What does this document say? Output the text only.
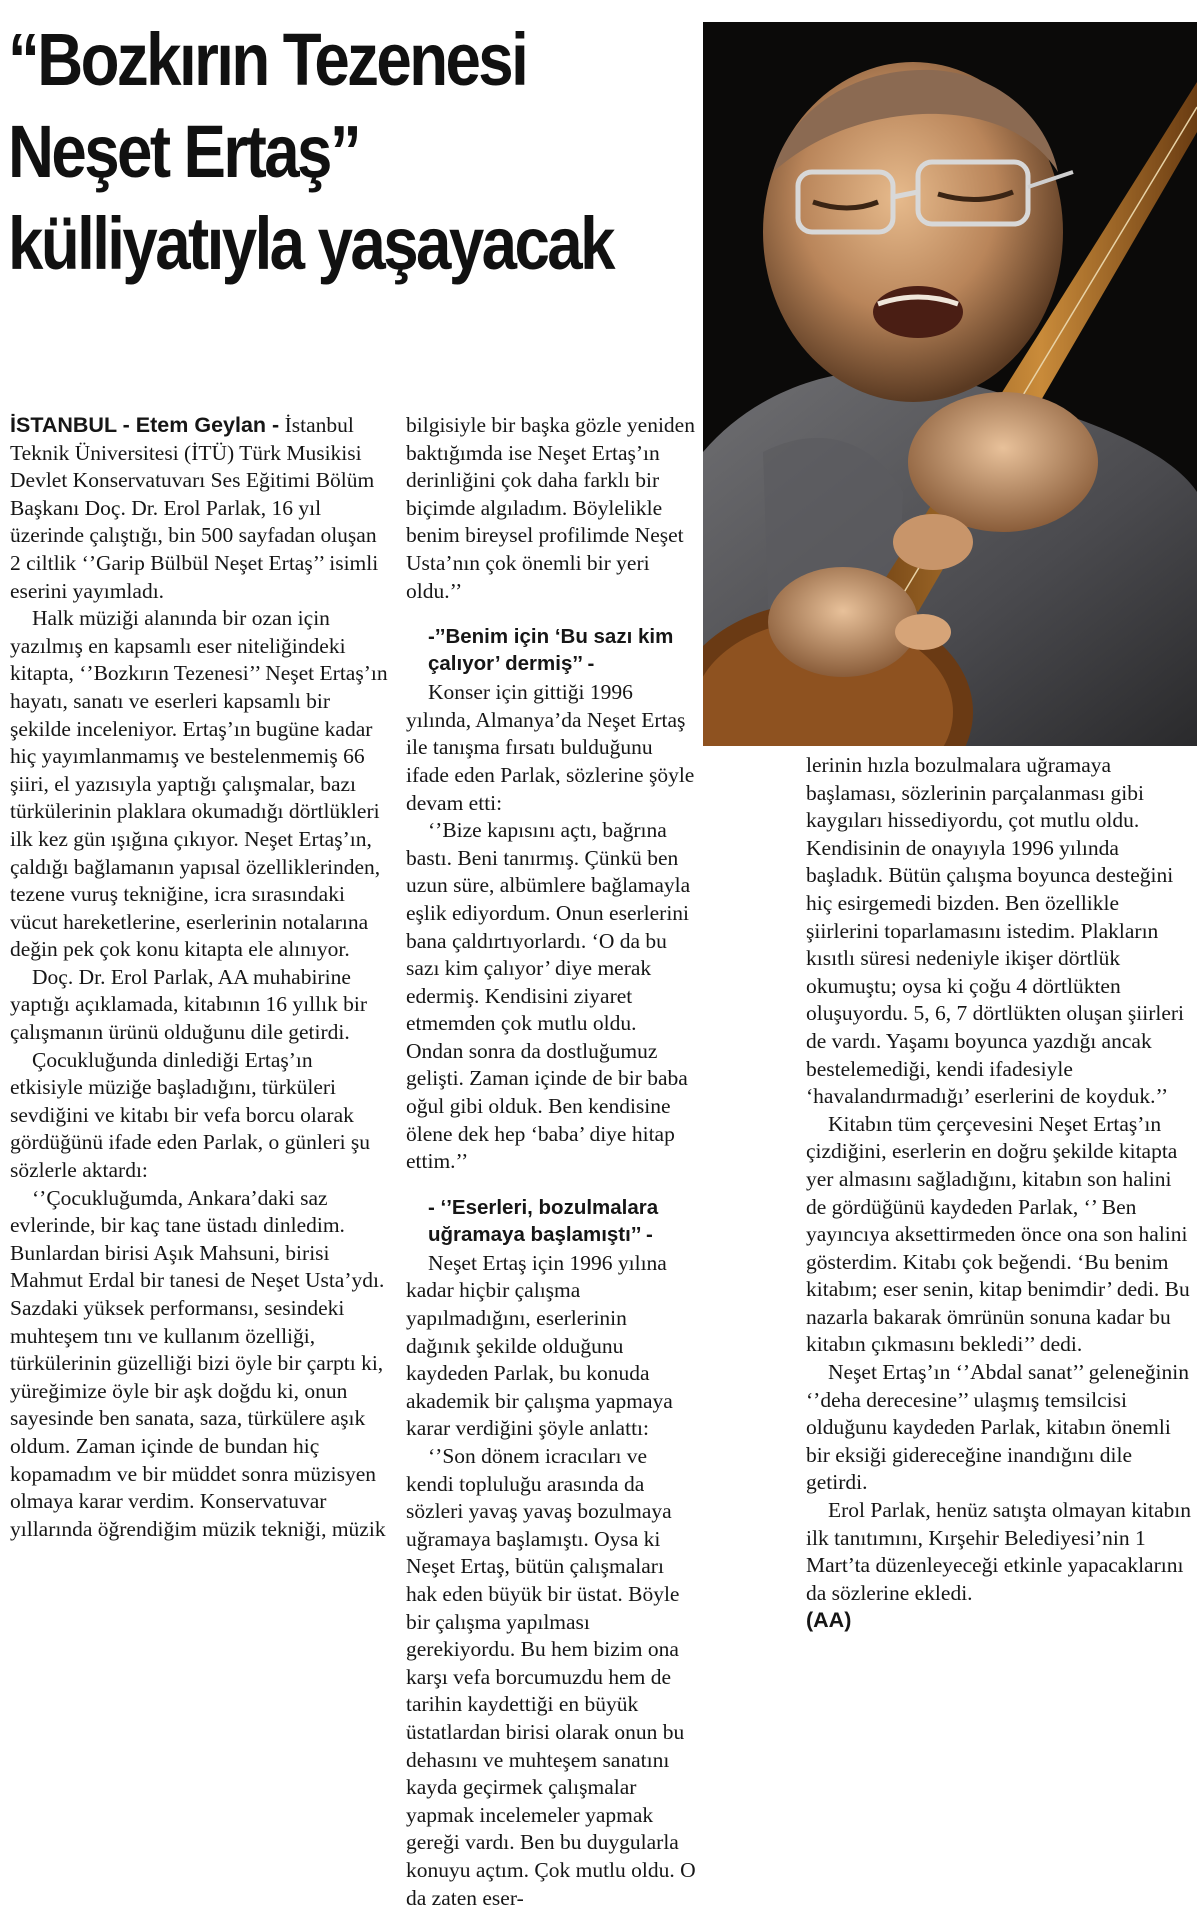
“Bozkırın Tezenesi
Neşet Ertaş”
külliyatıyla yaşayacak

İSTANBUL - Etem Geylan - İstanbul Teknik Üniversitesi (İTÜ) Türk Musikisi Devlet Konservatuvarı Ses Eğitimi Bölüm Başkanı Doç. Dr. Erol Parlak, 16 yıl üzerinde çalıştığı, bin 500 sayfadan oluşan 2 ciltlik ‘’Garip Bülbül Neşet Ertaş’’ isimli eserini yayımladı.

Halk müziği alanında bir ozan için yazılmış en kapsamlı eser niteliğindeki kitapta, ‘’Bozkırın Tezenesi’’ Neşet Ertaş’ın hayatı, sanatı ve eserleri kapsamlı bir şekilde inceleniyor. Ertaş’ın bugüne kadar hiç yayımlanmamış ve bestelenmemiş 66 şiiri, el yazısıyla yaptığı çalışmalar, bazı türkülerinin plaklara okumadığı dörtlükleri ilk kez gün ışığına çıkıyor. Neşet Ertaş’ın, çaldığı bağlamanın yapısal özelliklerinden, tezene vuruş tekniğine, icra sırasındaki vücut hareketlerine, eserlerinin notalarına değin pek çok konu kitapta ele alınıyor.

Doç. Dr. Erol Parlak, AA muhabirine yaptığı açıklamada, kitabının 16 yıllık bir çalışmanın ürünü olduğunu dile getirdi.

Çocukluğunda dinlediği Ertaş’ın etkisiyle müziğe başladığını, türküleri sevdiğini ve kitabı bir vefa borcu olarak gördüğünü ifade eden Parlak, o günleri şu sözlerle aktardı:

‘’Çocukluğumda, Ankara’daki saz evlerinde, bir kaç tane üstadı dinledim. Bunlardan birisi Aşık Mahsuni, birisi Mahmut Erdal bir tanesi de Neşet Usta’ydı. Sazdaki yüksek performansı, sesindeki muhteşem tını ve kullanım özelliği, türkülerinin güzelliği bizi öyle bir çarptı ki, yüreğimize öyle bir aşk doğdu ki, onun sayesinde ben sanata, saza, türkülere aşık oldum. Zaman içinde de bundan hiç kopamadım ve bir müddet sonra müzisyen olmaya karar verdim. Konservatuvar yıllarında öğrendiğim müzik tekniği, müzik

bilgisiyle bir başka gözle yeniden baktığımda ise Neşet Ertaş’ın derinliğini çok daha farklı bir biçimde algıladım. Böylelikle benim bireysel profilimde Neşet Usta’nın çok önemli bir yeri oldu.’’

-’’Benim için ‘Bu sazı kim çalıyor’ dermiş’’ -

Konser için gittiği 1996 yılında, Almanya’da Neşet Ertaş ile tanışma fırsatı bulduğunu ifade eden Parlak, sözlerine şöyle devam etti:

‘’Bize kapısını açtı, bağrına bastı. Beni tanırmış. Çünkü ben uzun süre, albümlere bağlamayla eşlik ediyordum. Onun eserlerini bana çaldırtıyorlardı. ‘O da bu sazı kim çalıyor’ diye merak edermiş. Kendisini ziyaret etmemden çok mutlu oldu. Ondan sonra da dostluğumuz gelişti. Zaman içinde de bir baba oğul gibi olduk. Ben kendisine ölene dek hep ‘baba’ diye hitap ettim.’’

- ‘’Eserleri, bozulmalara uğramaya başlamıştı’’ -

Neşet Ertaş için 1996 yılına kadar hiçbir çalışma yapılmadığını, eserlerinin dağınık şekilde olduğunu kaydeden Parlak, bu konuda akademik bir çalışma yapmaya karar verdiğini şöyle anlattı:

‘’Son dönem icracıları ve kendi topluluğu arasında da sözleri yavaş yavaş bozulmaya uğramaya başlamıştı. Oysa ki Neşet Ertaş, bütün çalışmaları hak eden büyük bir üstat. Böyle bir çalışma yapılması gerekiyordu. Bu hem bizim ona karşı vefa borcumuzdu hem de tarihin kaydettiği en büyük üstatlardan birisi olarak onun bu dehasını ve muhteşem sanatını kayda geçirmek çalışmalar yapmak incelemeler yapmak gereği vardı. Ben bu duygularla konuyu açtım. Çok mutlu oldu. O da zaten eser-

lerinin hızla bozulmalara uğramaya başlaması, sözlerinin parçalanması gibi kaygıları hissediyordu, çot mutlu oldu. Kendisinin de onayıyla 1996 yılında başladık. Bütün çalışma boyunca desteğini hiç esirgemedi bizden. Ben özellikle şiirlerini toparlamasını istedim. Plakların kısıtlı süresi nedeniyle ikişer dörtlük okumuştu; oysa ki çoğu 4 dörtlükten oluşuyordu. 5, 6, 7 dörtlükten oluşan şiirleri de vardı. Yaşamı boyunca yazdığı ancak bestelemediği, kendi ifadesiyle ‘havalandırmadığı’ eserlerini de koyduk.’’

Kitabın tüm çerçevesini Neşet Ertaş’ın çizdiğini, eserlerin en doğru şekilde kitapta yer almasını sağladığını, kitabın son halini de gördüğünü kaydeden Parlak, ‘’ Ben yayıncıya aksettirmeden önce ona son halini gösterdim. Kitabı çok beğendi. ‘Bu benim kitabım; eser senin, kitap benimdir’ dedi. Bu nazarla bakarak ömrünün sonuna kadar bu kitabın çıkmasını bekledi’’ dedi.

Neşet Ertaş’ın ‘’Abdal sanat’’ geleneğinin ‘’deha derecesine’’ ulaşmış temsilcisi olduğunu kaydeden Parlak, kitabın önemli bir eksiği gidereceğine inandığını dile getirdi.

Erol Parlak, henüz satışta olmayan kitabın ilk tanıtımını, Kırşehir Belediyesi’nin 1 Mart’ta düzenleyeceği etkinle yapacaklarını da sözlerine ekledi.

(AA)
